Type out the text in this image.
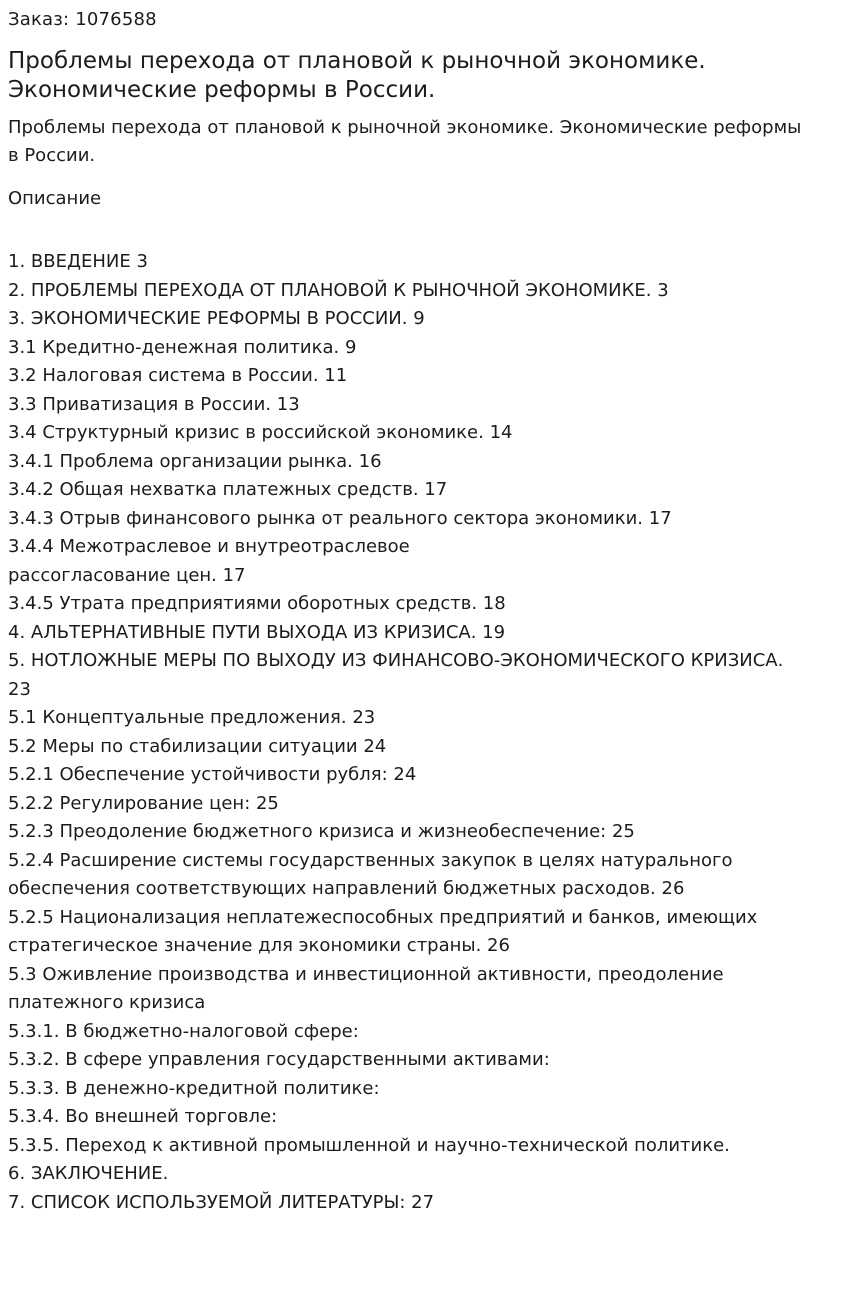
Заказ: 1076588
Проблемы перехода от плановой к рыночной экономике. Экономические реформы в России.
Проблемы перехода от плановой к рыночной экономике. Экономические реформы в России.
Описание
1. ВВЕДЕНИЕ 3
2. ПРОБЛЕМЫ ПЕРЕХОДА ОТ ПЛАНОВОЙ К РЫНОЧНОЙ ЭКОНОМИКЕ. 3
3. ЭКОНОМИЧЕСКИЕ РЕФОРМЫ В РОССИИ. 9
3.1 Кредитно-денежная политика. 9
3.2 Налоговая система в России. 11
3.3 Приватизация в России. 13
3.4 Структурный кризис в российской экономике. 14
3.4.1 Проблема организации рынка. 16
3.4.2 Общая нехватка платежных средств. 17
3.4.3 Отрыв финансового рынка от реального сектора экономики. 17
3.4.4 Межотраслевое и внутреотраслевое
рассогласование цен. 17
3.4.5 Утрата предприятиями оборотных средств. 18
4. АЛЬТЕРНАТИВНЫЕ ПУТИ ВЫХОДА ИЗ КРИЗИСА. 19
5. НОТЛОЖНЫЕ МЕРЫ ПО ВЫХОДУ ИЗ ФИНАНСОВО-ЭКОНОМИЧЕСКОГО КРИЗИСА.
23
5.1 Концептуальные предложения. 23
5.2 Меры по стабилизации ситуации 24
5.2.1 Обеспечение устойчивости рубля: 24
5.2.2 Регулирование цен: 25
5.2.3 Преодоление бюджетного кризиса и жизнеобеспечение: 25
5.2.4 Расширение системы государственных закупок в целях натурального
обеспечения соответствующих направлений бюджетных расходов. 26
5.2.5 Национализация неплатежеспособных предприятий и банков, имеющих
стратегическое значение для экономики страны. 26
5.3 Оживление производства и инвестиционной активности, преодоление
платежного кризиса
5.3.1. В бюджетно-налоговой сфере:
5.3.2. В сфере управления государственными активами:
5.3.3. В денежно-кредитной политике:
5.3.4. Во внешней торговле:
5.3.5. Переход к активной промышленной и научно-технической политике.
6. ЗАКЛЮЧЕНИЕ.
7. СПИСОК ИСПОЛЬЗУЕМОЙ ЛИТЕРАТУРЫ: 27
